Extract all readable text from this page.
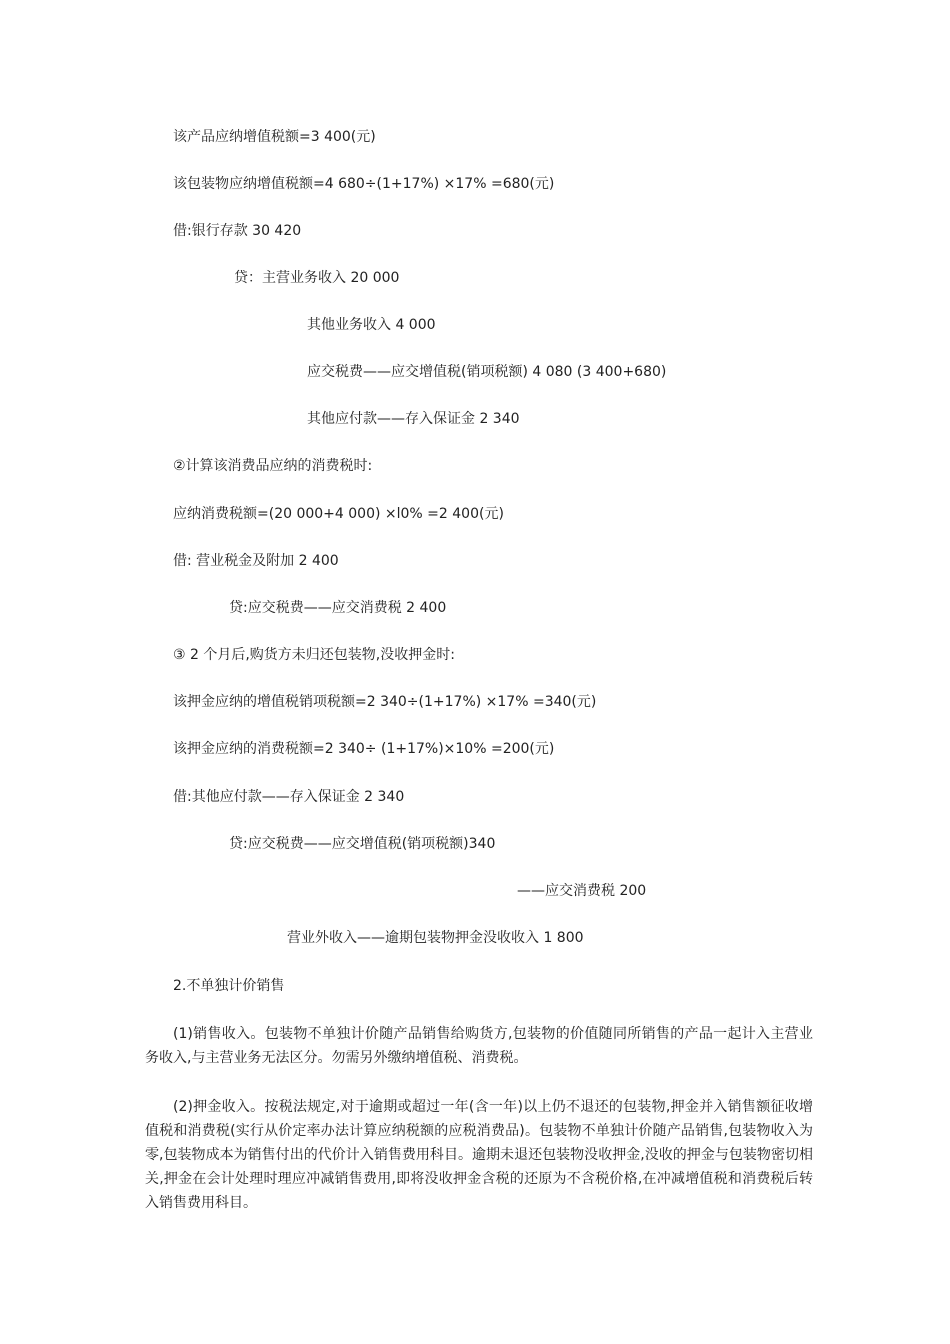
该产品应纳增值税额=3 400(元)
该包装物应纳增值税额=4 680÷(1+17%) ×17% =680(元)
借:银行存款 30 420
贷：主营业务收入 20 000
其他业务收入 4 000
应交税费——应交增值税(销项税额) 4 080 (3 400+680)
其他应付款——存入保证金 2 340
②计算该消费品应纳的消费税时:
应纳消费税额=(20 000+4 000) ×l0% =2 400(元)
借: 营业税金及附加 2 400
贷:应交税费——应交消费税 2 400
③ 2 个月后,购货方未归还包装物,没收押金时:
该押金应纳的增值税销项税额=2 340÷(1+17%) ×17% =340(元)
该押金应纳的消费税额=2 340÷ (1+17%)×10% =200(元)
借:其他应付款——存入保证金 2 340
贷:应交税费——应交增值税(销项税额)340
——应交消费税 200
营业外收入——逾期包装物押金没收收入 1 800
2.不单独计价销售
(1)销售收入。包装物不单独计价随产品销售给购货方,包装物的价值随同所销售的产品一起计入主营业务收入,与主营业务无法区分。勿需另外缴纳增值税、消费税。
(2)押金收入。按税法规定,对于逾期或超过一年(含一年)以上仍不退还的包装物,押金并入销售额征收增值税和消费税(实行从价定率办法计算应纳税额的应税消费品)。包装物不单独计价随产品销售,包装物收入为零,包装物成本为销售付出的代价计入销售费用科目。逾期未退还包装物没收押金,没收的押金与包装物密切相关,押金在会计处理时理应冲减销售费用,即将没收押金含税的还原为不含税价格,在冲减增值税和消费税后转入销售费用科目。
